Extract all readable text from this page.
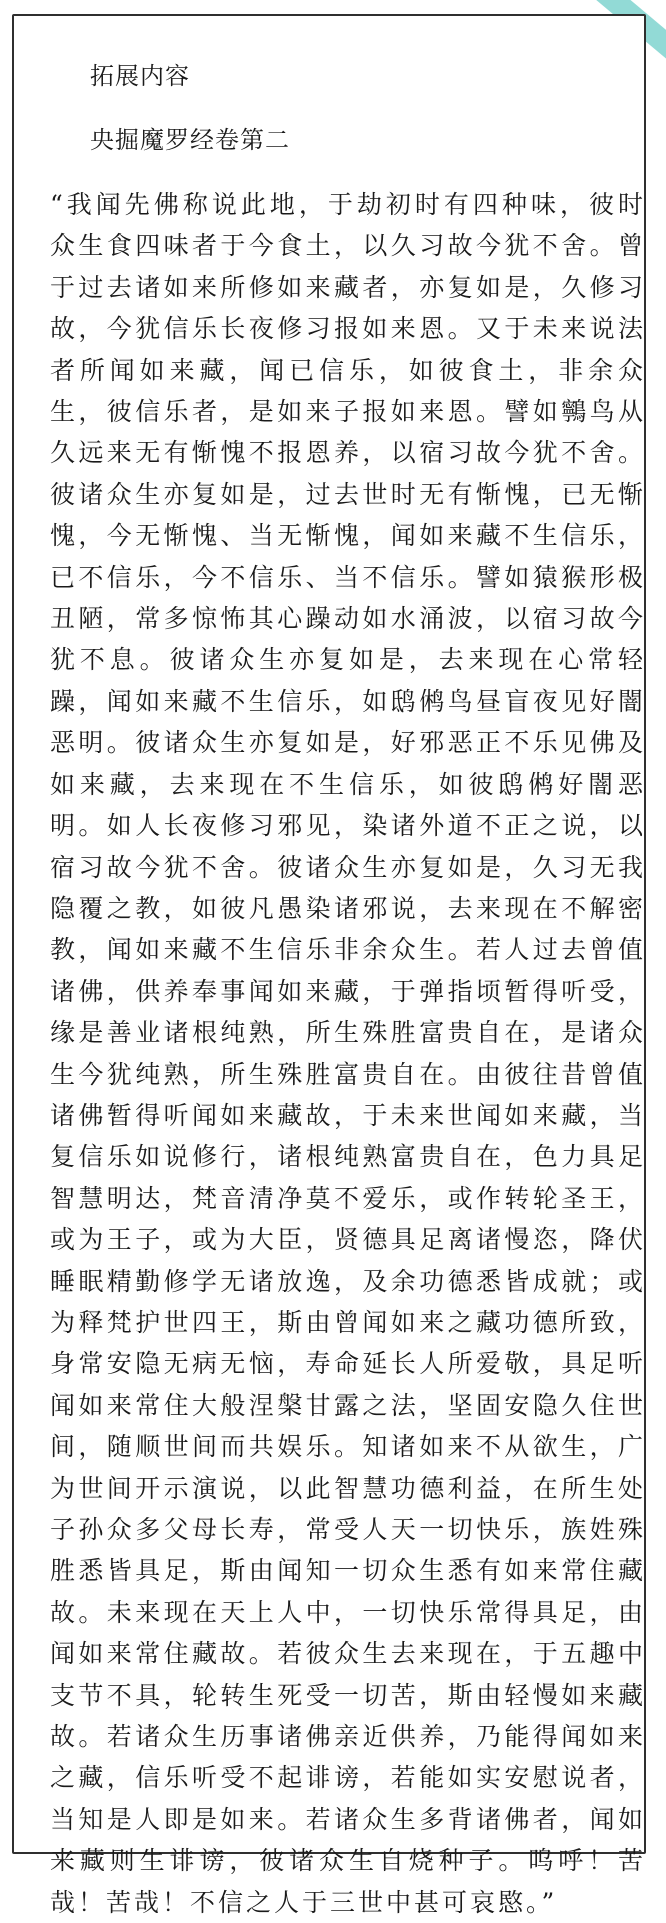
拓展内容
央掘魔罗经卷第二

“我闻先佛称说此地，于劫初时有四种味，彼时众生食四味者于今食土，以久习故今犹不舍。曾于过去诸如来所修如来藏者，亦复如是，久修习故，今犹信乐长夜修习报如来恩。又于未来说法者所闻如来藏，闻已信乐，如彼食土，非余众生，彼信乐者，是如来子报如来恩。譬如鸋鸟从久远来无有惭愧不报恩养，以宿习故今犹不舍。彼诸众生亦复如是，过去世时无有惭愧，已无惭愧，今无惭愧、当无惭愧，闻如来藏不生信乐，已不信乐，今不信乐、当不信乐。譬如猿猴形极丑陋，常多惊怖其心躁动如水涌波，以宿习故今犹不息。彼诸众生亦复如是，去来现在心常轻躁，闻如来藏不生信乐，如鸱鸺鸟昼盲夜见好闇恶明。彼诸众生亦复如是，好邪恶正不乐见佛及如来藏，去来现在不生信乐，如彼鸱鸺好闇恶明。如人长夜修习邪见，染诸外道不正之说，以宿习故今犹不舍。彼诸众生亦复如是，久习无我隐覆之教，如彼凡愚染诸邪说，去来现在不解密教，闻如来藏不生信乐非余众生。若人过去曾值诸佛，供养奉事闻如来藏，于弹指顷暂得听受，缘是善业诸根纯熟，所生殊胜富贵自在，是诸众生今犹纯熟，所生殊胜富贵自在。由彼往昔曾值诸佛暂得听闻如来藏故，于未来世闻如来藏，当复信乐如说修行，诸根纯熟富贵自在，色力具足智慧明达，梵音清净莫不爱乐，或作转轮圣王，或为王子，或为大臣，贤德具足离诸慢恣，降伏睡眠精勤修学无诸放逸，及余功德悉皆成就；或为释梵护世四王，斯由曾闻如来之藏功德所致，身常安隐无病无恼，寿命延长人所爱敬，具足听闻如来常住大般涅槃甘露之法，坚固安隐久住世间，随顺世间而共娱乐。知诸如来不从欲生，广为世间开示演说，以此智慧功德利益，在所生处子孙众多父母长寿，常受人天一切快乐，族姓殊胜悉皆具足，斯由闻知一切众生悉有如来常住藏故。未来现在天上人中，一切快乐常得具足，由闻如来常住藏故。若彼众生去来现在，于五趣中支节不具，轮转生死受一切苦，斯由轻慢如来藏故。若诸众生历事诸佛亲近供养，乃能得闻如来之藏，信乐听受不起诽谤，若能如实安慰说者，当知是人即是如来。若诸众生多背诸佛者，闻如来藏则生诽谤，彼诸众生自烧种子。呜呼！苦哉！苦哉！不信之人于三世中甚可哀愍。”
